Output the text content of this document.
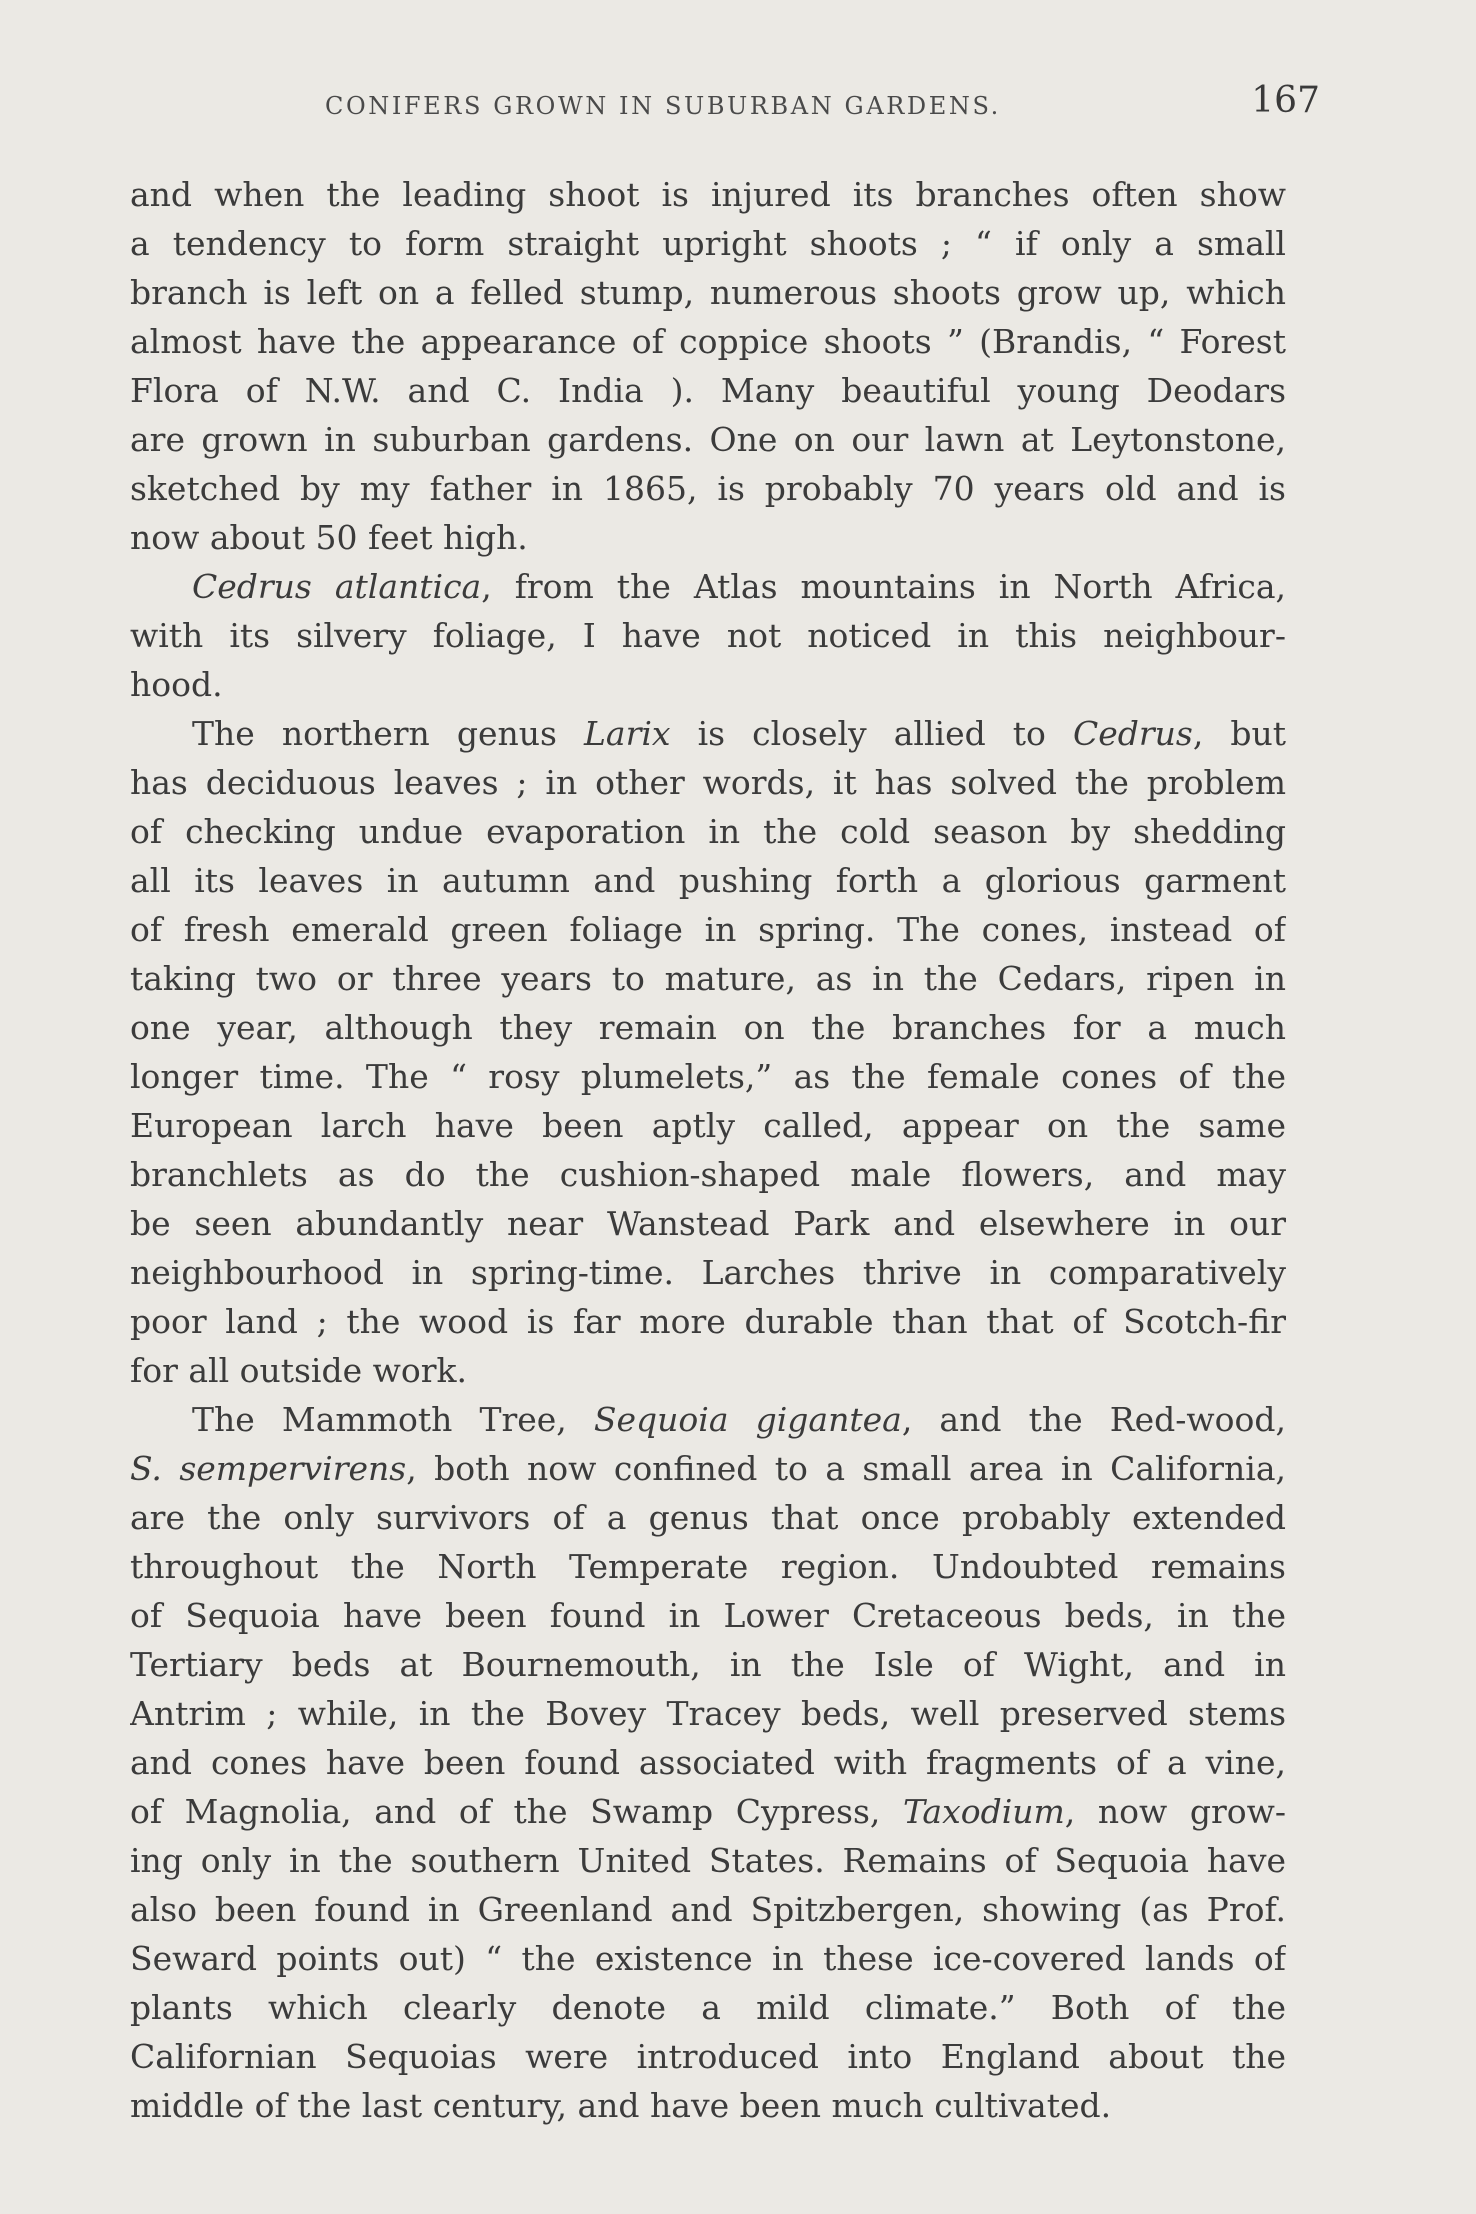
CONIFERS GROWN IN SUBURBAN GARDENS.	167
and when the leading shoot is injured its branches often show
a tendency to form straight upright shoots ; “ if only a small
branch is left on a felled stump, numerous shoots grow up, which
almost have the appearance of coppice shoots ” (Brandis, “ Forest
Flora of N.W. and C. India ). Many beautiful young Deodars
are grown in suburban gardens. One on our lawn at Leytonstone,
sketched by my father in 1865, is probably 70 years old and is
now about 50 feet high.
Cedrus atlantica, from the Atlas mountains in North Africa,
with its silvery foliage, I have not noticed in this neighbour-
hood.
The northern genus Larix is closely allied to Cedrus, but
has deciduous leaves ; in other words, it has solved the problem
of checking undue evaporation in the cold season by shedding
all its leaves in autumn and pushing forth a glorious garment
of fresh emerald green foliage in spring. The cones, instead of
taking two or three years to mature, as in the Cedars, ripen in
one year, although they remain on the branches for a much
longer time. The “ rosy plumelets,” as the female cones of the
European larch have been aptly called, appear on the same
branchlets as do the cushion-shaped male flowers, and may
be seen abundantly near Wanstead Park and elsewhere in our
neighbourhood in spring-time. Larches thrive in comparatively
poor land ; the wood is far more durable than that of Scotch-fir
for all outside work.
The Mammoth Tree, Sequoia gigantea, and the Red-wood,
S. sempervirens, both now confined to a small area in California,
are the only survivors of a genus that once probably extended
throughout the North Temperate region. Undoubted remains
of Sequoia have been found in Lower Cretaceous beds, in the
Tertiary beds at Bournemouth, in the Isle of Wight, and in
Antrim ; while, in the Bovey Tracey beds, well preserved stems
and cones have been found associated with fragments of a vine,
of Magnolia, and of the Swamp Cypress, Taxodium, now grow-
ing only in the southern United States. Remains of Sequoia have
also been found in Greenland and Spitzbergen, showing (as Prof.
Seward points out) “ the existence in these ice-covered lands of
plants which clearly denote a mild climate.” Both of the
Californian Sequoias were introduced into England about the
middle of the last century, and have been much cultivated.
